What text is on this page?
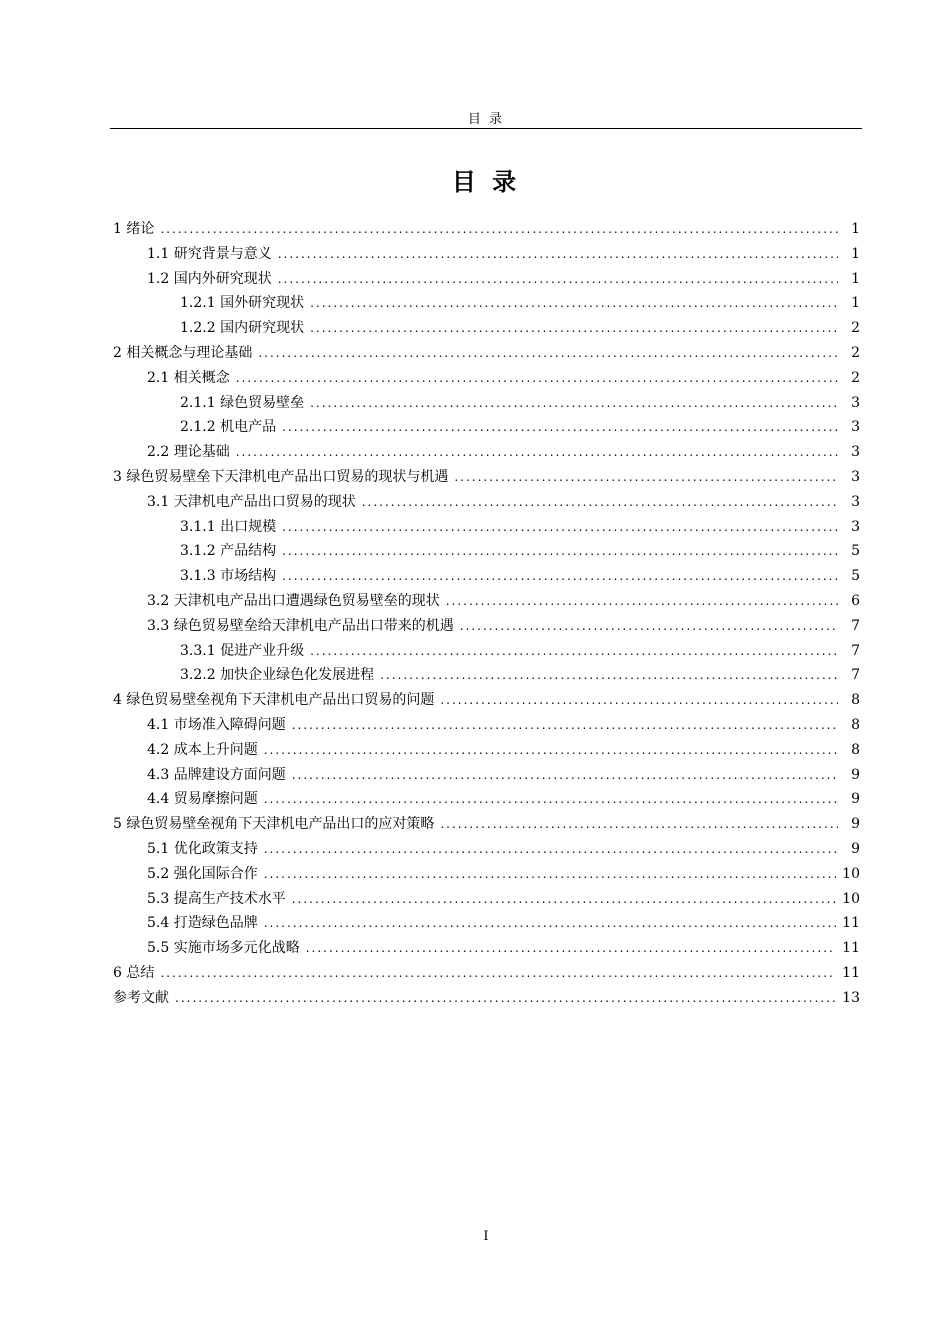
目 录
目 录
1 绪论 .....	1
1.1 研究背景与意义 .....	1
1.2 国内外研究现状 .....	1
1.2.1 国外研究现状 .....	1
1.2.2 国内研究现状 .....	2
2 相关概念与理论基础 .....	2
2.1 相关概念 .....	2
2.1.1 绿色贸易壁垒 .....	3
2.1.2 机电产品 .....	3
2.2 理论基础 .....	3
3 绿色贸易壁垒下天津机电产品出口贸易的现状与机遇 .....	3
3.1 天津机电产品出口贸易的现状 .....	3
3.1.1 出口规模 .....	3
3.1.2 产品结构 .....	5
3.1.3 市场结构 .....	5
3.2 天津机电产品出口遭遇绿色贸易壁垒的现状 .....	6
3.3 绿色贸易壁垒给天津机电产品出口带来的机遇 .....	7
3.3.1 促进产业升级 .....	7
3.2.2 加快企业绿色化发展进程 .....	7
4 绿色贸易壁垒视角下天津机电产品出口贸易的问题 .....	8
4.1 市场准入障碍问题 .....	8
4.2 成本上升问题 .....	8
4.3 品牌建设方面问题 .....	9
4.4 贸易摩擦问题 .....	9
5 绿色贸易壁垒视角下天津机电产品出口的应对策略 .....	9
5.1 优化政策支持 .....	9
5.2 强化国际合作 .....	10
5.3 提高生产技术水平 .....	10
5.4 打造绿色品牌 .....	11
5.5 实施市场多元化战略 .....	11
6 总结 .....	11
参考文献 .....	13
I
